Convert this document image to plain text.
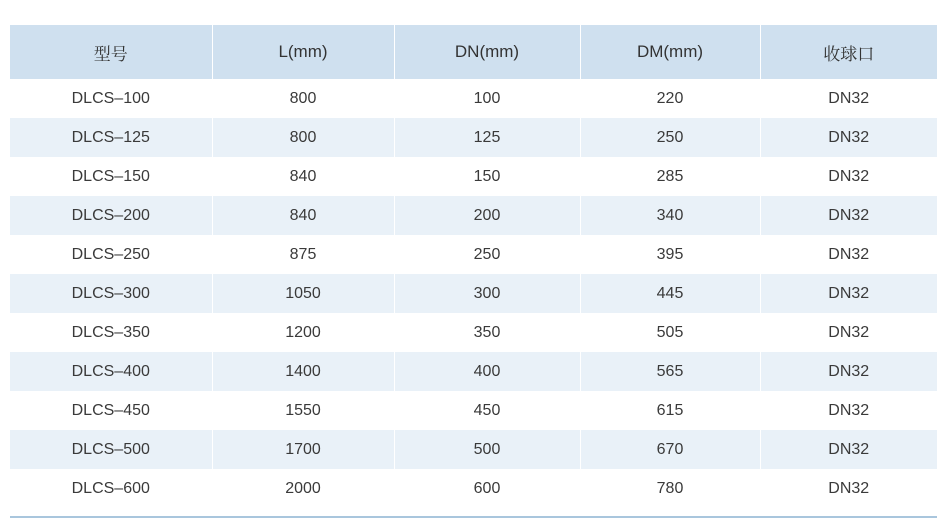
型号	L(mm)	DN(mm)	DM(mm)	收球口
DLCS–100	800	100	220	DN32
DLCS–125	800	125	250	DN32
DLCS–150	840	150	285	DN32
DLCS–200	840	200	340	DN32
DLCS–250	875	250	395	DN32
DLCS–300	1050	300	445	DN32
DLCS–350	1200	350	505	DN32
DLCS–400	1400	400	565	DN32
DLCS–450	1550	450	615	DN32
DLCS–500	1700	500	670	DN32
DLCS–600	2000	600	780	DN32
